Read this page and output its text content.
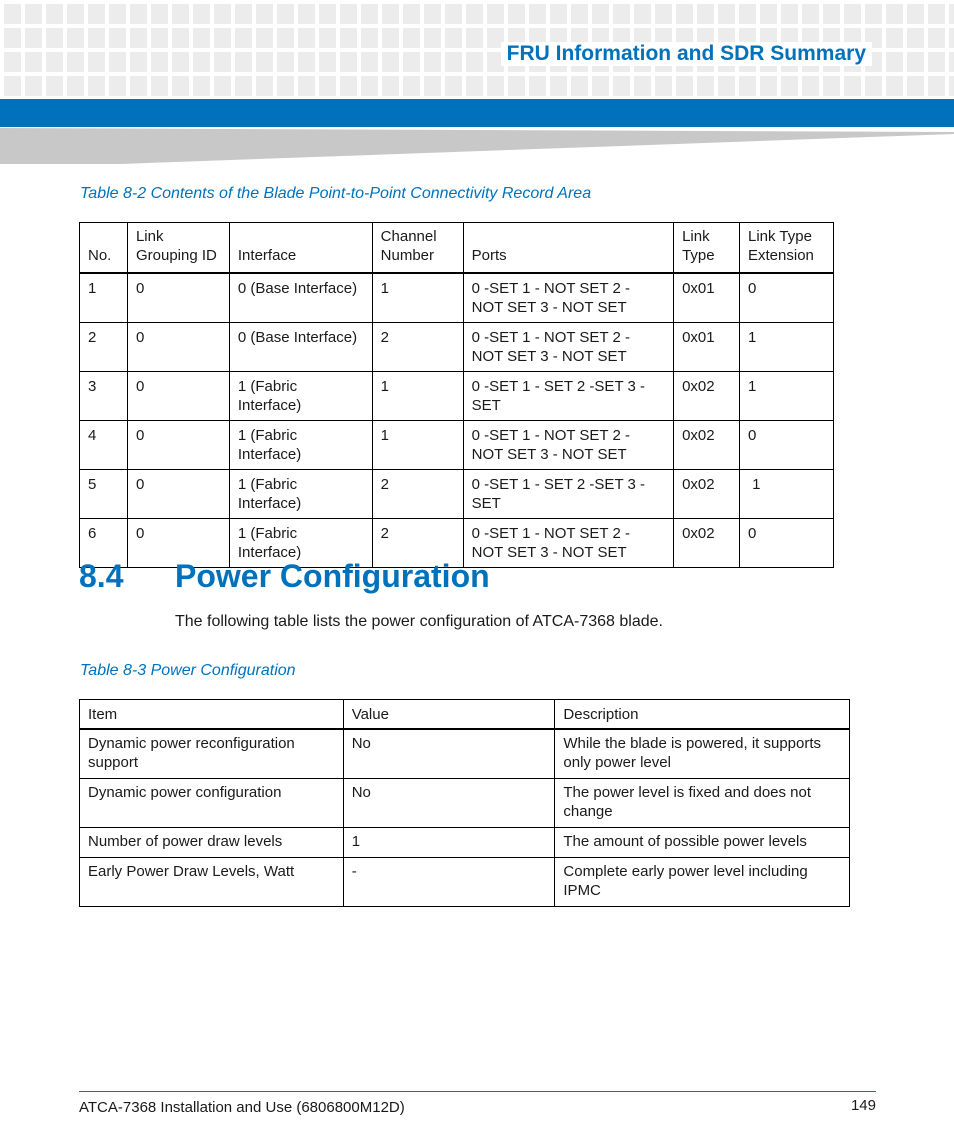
FRU Information and SDR Summary
Table 8-2 Contents of the Blade Point-to-Point Connectivity Record Area
No.	Link Grouping ID	Interface	Channel Number	Ports	Link Type	Link Type Extension
1	0	0 (Base Interface)	1	0 -SET 1 - NOT SET 2 - NOT SET 3 - NOT SET	0x01	0
2	0	0 (Base Interface)	2	0 -SET 1 - NOT SET 2 - NOT SET 3 - NOT SET	0x01	1
3	0	1 (Fabric Interface)	1	0 -SET 1 - SET 2 -SET 3 -SET	0x02	1
4	0	1 (Fabric Interface)	1	0 -SET 1 - NOT SET 2 - NOT SET 3 - NOT SET	0x02	0
5	0	1 (Fabric Interface)	2	0 -SET 1 - SET 2 -SET 3 -SET	0x02	1
6	0	1 (Fabric Interface)	2	0 -SET 1 - NOT SET 2 - NOT SET 3 - NOT SET	0x02	0
8.4 Power Configuration
The following table lists the power configuration of ATCA-7368 blade.
Table 8-3 Power Configuration
Item	Value	Description
Dynamic power reconfiguration support	No	While the blade is powered, it supports only power level
Dynamic power configuration	No	The power level is fixed and does not change
Number of power draw levels	1	The amount of possible power levels
Early Power Draw Levels, Watt	-	Complete early power level including IPMC
ATCA-7368 Installation and Use (6806800M12D)	149
